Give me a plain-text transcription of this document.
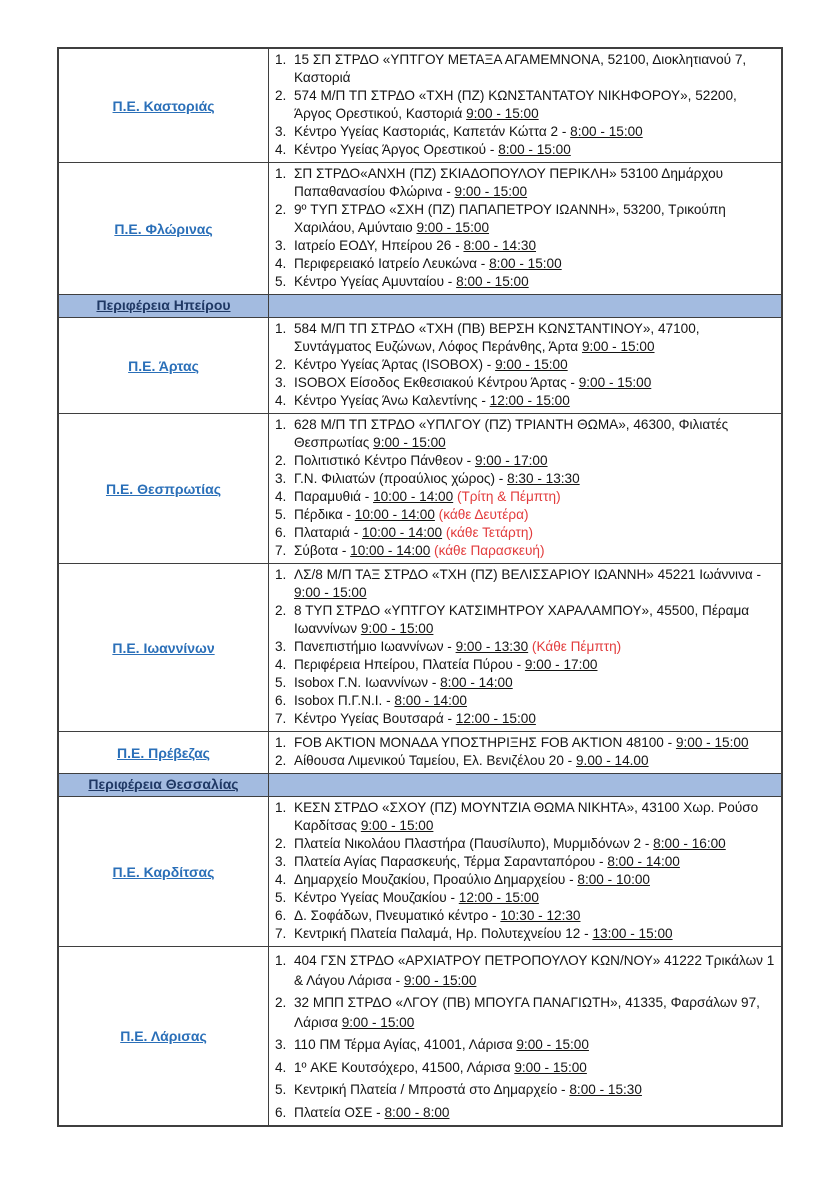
Π.Ε. Καστοριάς
1. 15 ΣΠ ΣΤΡΔΟ «ΥΠΤΓΟΥ ΜΕΤΑΞΑ ΑΓΑΜΕΜΝΟΝΑ, 52100, Διοκλητιανού 7, Καστοριά
2. 574 Μ/Π ΤΠ ΣΤΡΔΟ «ΤΧΗ (ΠΖ) ΚΩΝΣΤΑΝΤΑΤΟΥ ΝΙΚΗΦΟΡΟΥ», 52200, Άργος Ορεστικού, Καστοριά 9:00 - 15:00
3. Κέντρο Υγείας Καστοριάς, Καπετάν Κώττα 2 - 8:00 - 15:00
4. Κέντρο Υγείας Άργος Ορεστικού - 8:00 - 15:00
Π.Ε. Φλώρινας
1. ΣΠ ΣΤΡΔΟ«ΑΝΧΗ (ΠΖ) ΣΚΙΑΔΟΠΟΥΛΟΥ ΠΕΡΙΚΛΗ» 53100 Δημάρχου Παπαθανασίου Φλώρινα - 9:00 - 15:00
2. 9º ΤΥΠ ΣΤΡΔΟ «ΣΧΗ (ΠΖ) ΠΑΠΑΠΕΤΡΟΥ ΙΩΑΝΝΗ», 53200, Τρικούπη Χαριλάου, Αμύνταιο 9:00 - 15:00
3. Ιατρείο ΕΟΔΥ, Ηπείρου 26 - 8:00 - 14:30
4. Περιφερειακό Ιατρείο Λευκώνα - 8:00 - 15:00
5. Κέντρο Υγείας Αμυνταίου - 8:00 - 15:00
Περιφέρεια Ηπείρου
Π.Ε. Άρτας
1. 584 Μ/Π ΤΠ ΣΤΡΔΟ «ΤΧΗ (ΠΒ) ΒΕΡΣΗ ΚΩΝΣΤΑΝΤΙΝΟΥ», 47100, Συντάγματος Ευζώνων, Λόφος Περάνθης, Άρτα 9:00 - 15:00
2. Κέντρο Υγείας Άρτας (ISOBOX) - 9:00 - 15:00
3. ISOBOX Είσοδος Εκθεσιακού Κέντρου Άρτας - 9:00 - 15:00
4. Κέντρο Υγείας Άνω Καλεντίνης - 12:00 - 15:00
Π.Ε. Θεσπρωτίας
1. 628 Μ/Π ΤΠ ΣΤΡΔΟ «ΥΠΛΓΟΥ (ΠΖ) ΤΡΙΑΝΤΗ ΘΩΜΑ», 46300, Φιλιατές Θεσπρωτίας 9:00 - 15:00
2. Πολιτιστικό Κέντρο Πάνθεον - 9:00 - 17:00
3. Γ.Ν. Φιλιατών (προαύλιος χώρος) - 8:30 - 13:30
4. Παραμυθιά - 10:00 - 14:00 (Τρίτη & Πέμπτη)
5. Πέρδικα - 10:00 - 14:00 (κάθε Δευτέρα)
6. Πλαταριά - 10:00 - 14:00 (κάθε Τετάρτη)
7. Σύβοτα - 10:00 - 14:00 (κάθε Παρασκευή)
Π.Ε. Ιωαννίνων
1. ΛΣ/8 Μ/Π ΤΑΞ ΣΤΡΔΟ «ΤΧΗ (ΠΖ) ΒΕΛΙΣΣΑΡΙΟΥ ΙΩΑΝΝΗ» 45221 Ιωάννινα - 9:00 - 15:00
2. 8 ΤΥΠ ΣΤΡΔΟ «ΥΠΤΓΟΥ ΚΑΤΣΙΜΗΤΡΟΥ ΧΑΡΑΛΑΜΠΟΥ», 45500, Πέραμα Ιωαννίνων 9:00 - 15:00
3. Πανεπιστήμιο Ιωαννίνων - 9:00 - 13:30 (Κάθε Πέμπτη)
4. Περιφέρεια Ηπείρου, Πλατεία Πύρου - 9:00 - 17:00
5. Isobox Γ.Ν. Ιωαννίνων - 8:00 - 14:00
6. Isobox Π.Γ.Ν.Ι. - 8:00 - 14:00
7. Κέντρο Υγείας Βουτσαρά - 12:00 - 15:00
Π.Ε. Πρέβεζας
1. FOB AKTION ΜΟΝΑΔΑ ΥΠΟΣΤΗΡΙΞΗΣ FOB AKTION 48100 - 9:00 - 15:00
2. Αίθουσα Λιμενικού Ταμείου, Ελ. Βενιζέλου 20 - 9.00 - 14.00
Περιφέρεια Θεσσαλίας
Π.Ε. Καρδίτσας
1. ΚΕΣΝ ΣΤΡΔΟ «ΣΧΟΥ (ΠΖ) ΜΟΥΝΤΖΙΑ ΘΩΜΑ ΝΙΚΗΤΑ», 43100 Χωρ. Ρούσο Καρδίτσας 9:00 - 15:00
2. Πλατεία Νικολάου Πλαστήρα (Παυσίλυπο), Μυρμιδόνων 2 - 8:00 - 16:00
3. Πλατεία Αγίας Παρασκευής, Τέρμα Σαρανταπόρου - 8:00 - 14:00
4. Δημαρχείο Μουζακίου, Προαύλιο Δημαρχείου - 8:00 - 10:00
5. Κέντρο Υγείας Μουζακίου - 12:00 - 15:00
6. Δ. Σοφάδων, Πνευματικό κέντρο - 10:30 - 12:30
7. Κεντρική Πλατεία Παλαμά, Ηρ. Πολυτεχνείου 12 - 13:00 - 15:00
Π.Ε. Λάρισας
1. 404 ΓΣΝ ΣΤΡΔΟ «ΑΡΧΙΑΤΡΟΥ ΠΕΤΡΟΠΟΥΛΟΥ ΚΩΝ/ΝΟΥ» 41222 Τρικάλων 1 & Λάγου Λάρισα - 9:00 - 15:00
2. 32 ΜΠΠ ΣΤΡΔΟ «ΛΓΟΥ (ΠΒ) ΜΠΟΥΓΑ ΠΑΝΑΓΙΩΤΗ», 41335, Φαρσάλων 97, Λάρισα 9:00 - 15:00
3. 110 ΠΜ Τέρμα Αγίας, 41001, Λάρισα 9:00 - 15:00
4. 1º ΑΚΕ Κουτσόχερο, 41500, Λάρισα 9:00 - 15:00
5. Κεντρική Πλατεία / Μπροστά στο Δημαρχείο - 8:00 - 15:30
6. Πλατεία ΟΣΕ - 8:00 - 8:00
